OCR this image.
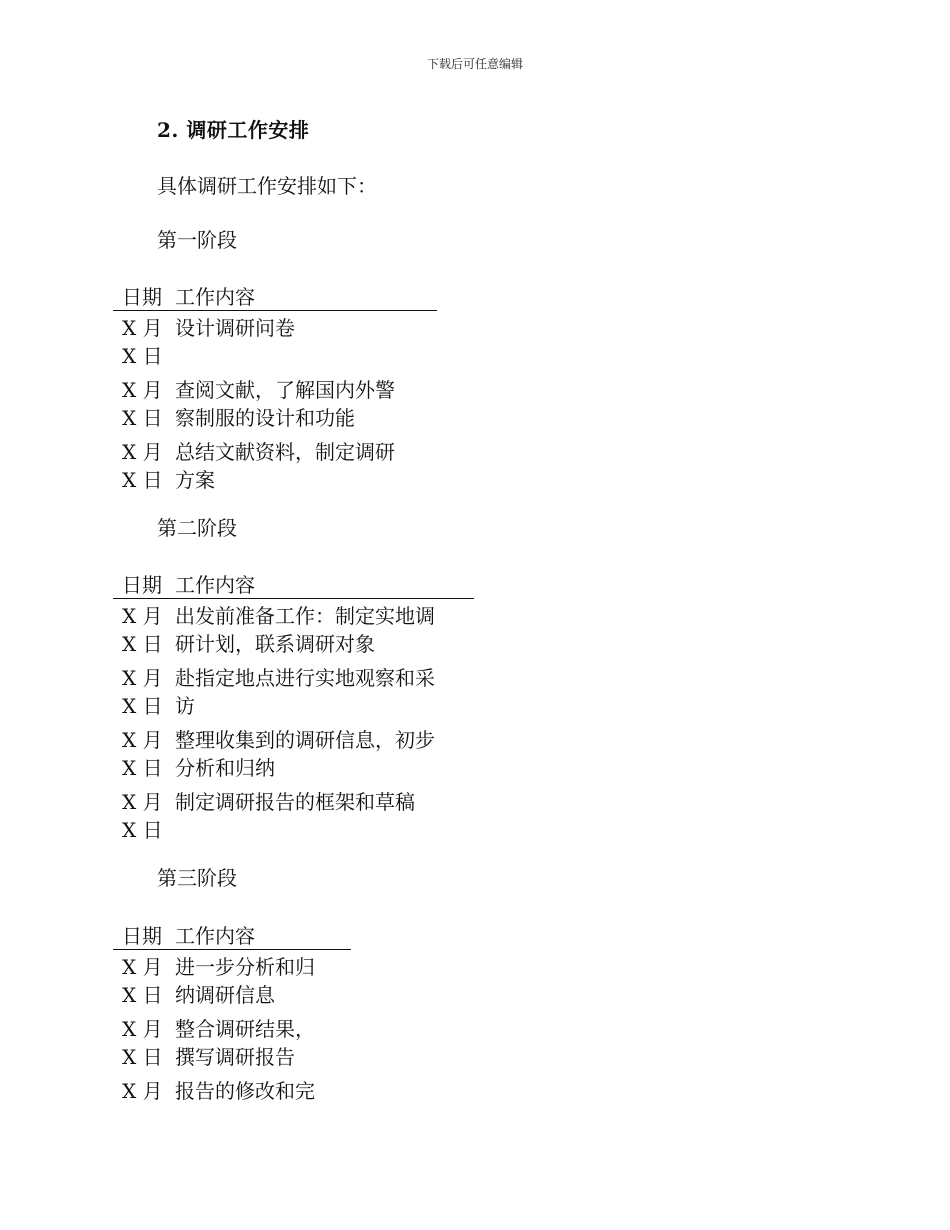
下载后可任意编辑
2. 调研工作安排
具体调研工作安排如下：
第一阶段
日期 工作内容
X 月
X 日
设计调研问卷
X 月
X 日
查阅文献，了解国内外警
察制服的设计和功能
X 月
X 日
总结文献资料，制定调研
方案
第二阶段
日期 工作内容
X 月
X 日
出发前准备工作：制定实地调
研计划，联系调研对象
X 月
X 日
赴指定地点进行实地观察和采
访
X 月
X 日
整理收集到的调研信息，初步
分析和归纳
X 月
X 日
制定调研报告的框架和草稿
第三阶段
日期 工作内容
X 月
X 日
进一步分析和归
纳调研信息
X 月
X 日
整合调研结果，
撰写调研报告
X 月 报告的修改和完
